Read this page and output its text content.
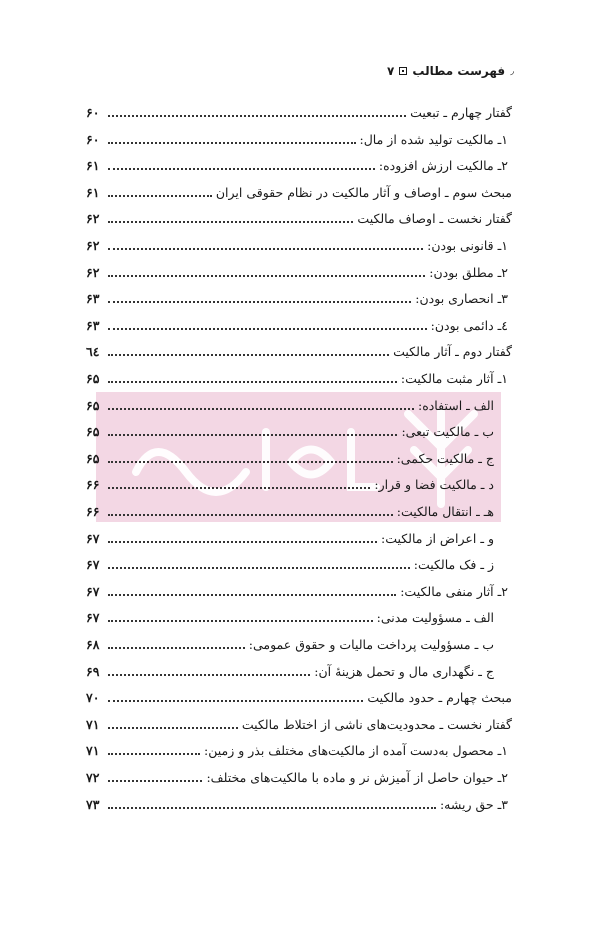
◞
فهرست مطالب
۷
گفتار چهارم ـ تبعیت
۶۰
۱ـ مالکیت تولید شده از مال:
۶۰
۲ـ مالکیت ارزش افزوده:
۶۱
مبحث سوم ـ اوصاف و آثار مالکیت در نظام حقوقی ایران
۶۱
گفتار نخست ـ اوصاف مالکیت
۶۲
۱ـ قانونی بودن:
۶۲
۲ـ مطلق بودن:
۶۲
۳ـ انحصاری بودن:
۶۳
٤ـ دائمی بودن:
۶۳
گفتار دوم ـ آثار مالکیت
٦٤
۱ـ آثار مثبت مالکیت:
۶۵
الف ـ استفاده:
۶۵
ب ـ مالکیت تبعی:
۶۵
ج ـ مالکیت حکمی:
۶۵
د ـ مالکیت فضا و قرار:
۶۶
هـ ـ انتقال مالکیت:
۶۶
و ـ اعراض از مالکیت:
۶۷
ز ـ فک مالکیت:
۶۷
۲ـ آثار منفی مالکیت:
۶۷
الف ـ مسؤولیت مدنی:
۶۷
ب ـ مسؤولیت پرداخت مالیات و حقوق عمومی:
۶۸
ج ـ نگهداری مال و تحمل هزینهٔ آن:
۶۹
مبحث چهارم ـ حدود مالکیت
۷۰
گفتار نخست ـ محدودیت‌های ناشی از اختلاط مالکیت
۷۱
۱ـ محصول به‌دست آمده از مالکیت‌های مختلف بذر و زمین:
۷۱
۲ـ حیوان حاصل از آمیزش نر و ماده با مالکیت‌های مختلف:
۷۲
۳ـ حق ریشه:
۷۳
